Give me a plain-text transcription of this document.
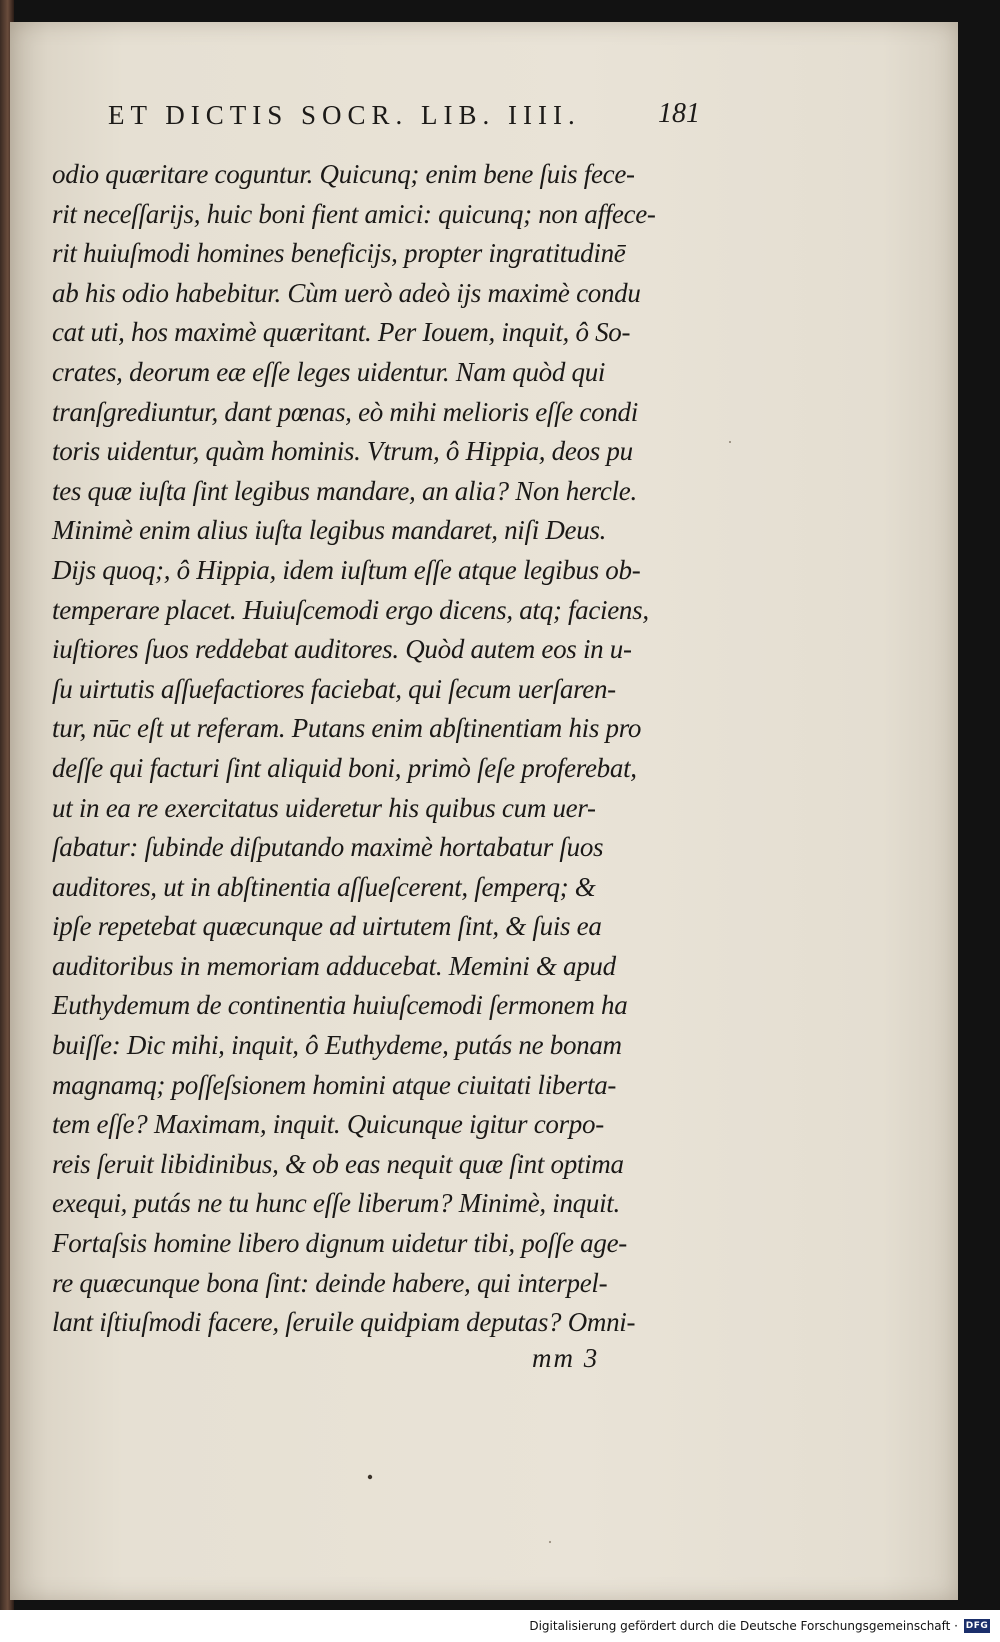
ET DICTIS SOCR. LIB. IIII.	181
odio quæritare coguntur. Quicunq; enim bene ſuis fece-
rit neceſſarijs, huic boni fient amici: quicunq; non affece-
rit huiuſmodi homines beneficijs, propter ingratitudinē
ab his odio habebitur. Cùm uerò adeò ijs maximè condu
cat uti, hos maximè quæritant. Per Iouem, inquit, ô So-
crates, deorum eæ eſſe leges uidentur. Nam quòd qui
tranſgrediuntur, dant pœnas, eò mihi melioris eſſe condi
toris uidentur, quàm hominis. Vtrum, ô Hippia, deos pu
tes quæ iuſta ſint legibus mandare, an alia? Non hercle.
Minimè enim alius iuſta legibus mandaret, niſi Deus.
Dijs quoq;, ô Hippia, idem iuſtum eſſe atque legibus ob-
temperare placet. Huiuſcemodi ergo dicens, atq; faciens,
iuſtiores ſuos reddebat auditores. Quòd autem eos in u-
ſu uirtutis aſſuefactiores faciebat, qui ſecum uerſaren-
tur, nūc eſt ut referam. Putans enim abſtinentiam his pro
deſſe qui facturi ſint aliquid boni, primò ſeſe proferebat,
ut in ea re exercitatus uideretur his quibus cum uer-
ſabatur: ſubinde diſputando maximè hortabatur ſuos
auditores, ut in abſtinentia aſſueſcerent, ſemperq; &
ipſe repetebat quæcunque ad uirtutem ſint, & ſuis ea
auditoribus in memoriam adducebat. Memini & apud
Euthydemum de continentia huiuſcemodi ſermonem ha
buiſſe: Dic mihi, inquit, ô Euthydeme, putás ne bonam
magnamq; poſſeſsionem homini atque ciuitati liberta-
tem eſſe? Maximam, inquit. Quicunque igitur corpo-
reis ſeruit libidinibus, & ob eas nequit quæ ſint optima
exequi, putás ne tu hunc eſſe liberum? Minimè, inquit.
Fortaſsis homine libero dignum uidetur tibi, poſſe age-
re quæcunque bona ſint: deinde habere, qui interpel-
lant iſtiuſmodi facere, ſeruile quidpiam deputas? Omni-
mm 3
Digitalisierung gefördert durch die Deutsche Forschungsgemeinschaft · DFG
